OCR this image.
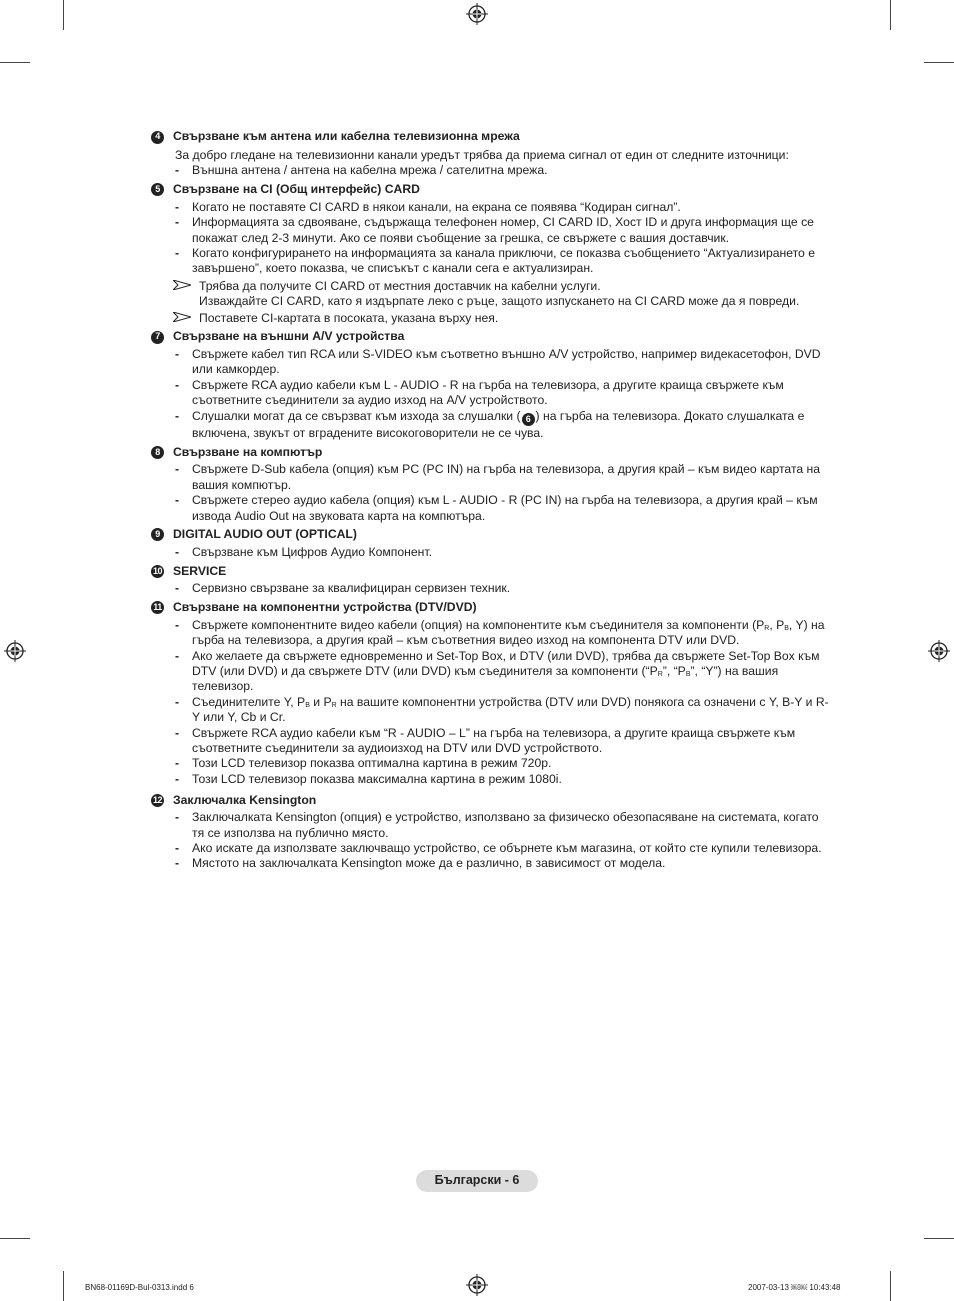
4	Свързване към антена или кабелна телевизионна мрежа
За добро гледане на телевизионни канали уредът трябва да приема сигнал от един от следните източници:
- Външна антена / антена на кабелна мрежа / сателитна мрежа.
5	Свързване на CI (Общ интерфейс) CARD
- Когато не поставяте CI CARD в някои канали, на екрана се появява “Кодиран сигнал”.
- Информацията за сдвояване, съдържаща телефонен номер, CI CARD ID, Хост ID и друга информация ще се покажат след 2-3 минути. Ако се появи съобщение за грешка, се свържете с вашия доставчик.
- Когато конфигурирането на информацията за канала приключи, се показва съобщението “Актуализирането е завършено”, което показва, че списъкът с канали сега е актуализиран.
Трябва да получите CI CARD от местния доставчик на кабелни услуги.
Изваждайте CI CARD, като я издърпате леко с ръце, защото изпускането на CI CARD може да я повреди.
Поставете CI-картата в посоката, указана върху нея.
7	Свързване на външни A/V устройства
- Свържете кабел тип RCA или S-VIDEO към съответно външно A/V устройство, например видекасетофон, DVD или камкордер.
- Свържете RCA аудио кабели към L - AUDIO - R на гърба на телевизора, а другите краища свържете към съответните съединители за аудио изход на A/V устройството.
- Слушалки могат да се свързват към изхода за слушалки ( 6 ) на гърба на телевизора. Докато слушалката е включена, звукът от вградените високоговорители не се чува.
8	Свързване на компютър
- Свържете D-Sub кабела (опция) към PC (PC IN) на гърба на телевизора, а другия край – към видео картата на вашия компютър.
- Свържете стерео аудио кабела (опция) към L - AUDIO - R (PC IN) на гърба на телевизора, а другия край – към извода Audio Out на звуковата карта на компютъра.
9	DIGITAL AUDIO OUT (OPTICAL)
- Свързване към Цифров Аудио Компонент.
10 SERVICE
- Сервизно свързване за квалифициран сервизен техник.
11 Свързване на компонентни устройства (DTV/DVD)
- Свържете компонентните видео кабели (опция) на компонентите към съединителя за компоненти ($P_R$, $P_B$, Y) на гърба на телевизора, а другия край – към съответния видео изход на компонента DTV или DVD.
- Ако желаете да свържете едновременно и Set-Top Box, и DTV (или DVD), трябва да свържете Set-Top Box към DTV (или DVD) и да свържете DTV (или DVD) към съединителя за компоненти (“$P_R$”, “$P_B$”, “Y”) на вашия телевизор.
- Съединителите Y, $P_B$ и $P_R$ на вашите компонентни устройства (DTV или DVD) понякога са означени с Y, B-Y и R-Y или Y, Cb и Cr.
- Свържете RCA аудио кабели към “R - AUDIO – L” на гърба на телевизора, а другите краища свържете към съответните съединители за аудиоизход на DTV или DVD устройството.
- Този LCD телевизор показва оптимална картина в режим 720p.
- Този LCD телевизор показва максимална картина в режим 1080i.
12 Заключалка Kensington
- Заключалката Kensington (опция) е устройство, използвано за физическо обезопасяване на системата, когато тя се използва на публично място.
- Ако искате да използвате заключващо устройство, се обърнете към магазина, от който сте купили телевизора.
- Мястото на заключалката Kensington може да е различно, в зависимост от модела.
Български - 6
BN68-01169D-Bul-0313.indd 6	2007-03-13 ￼￼ 10:43:48
